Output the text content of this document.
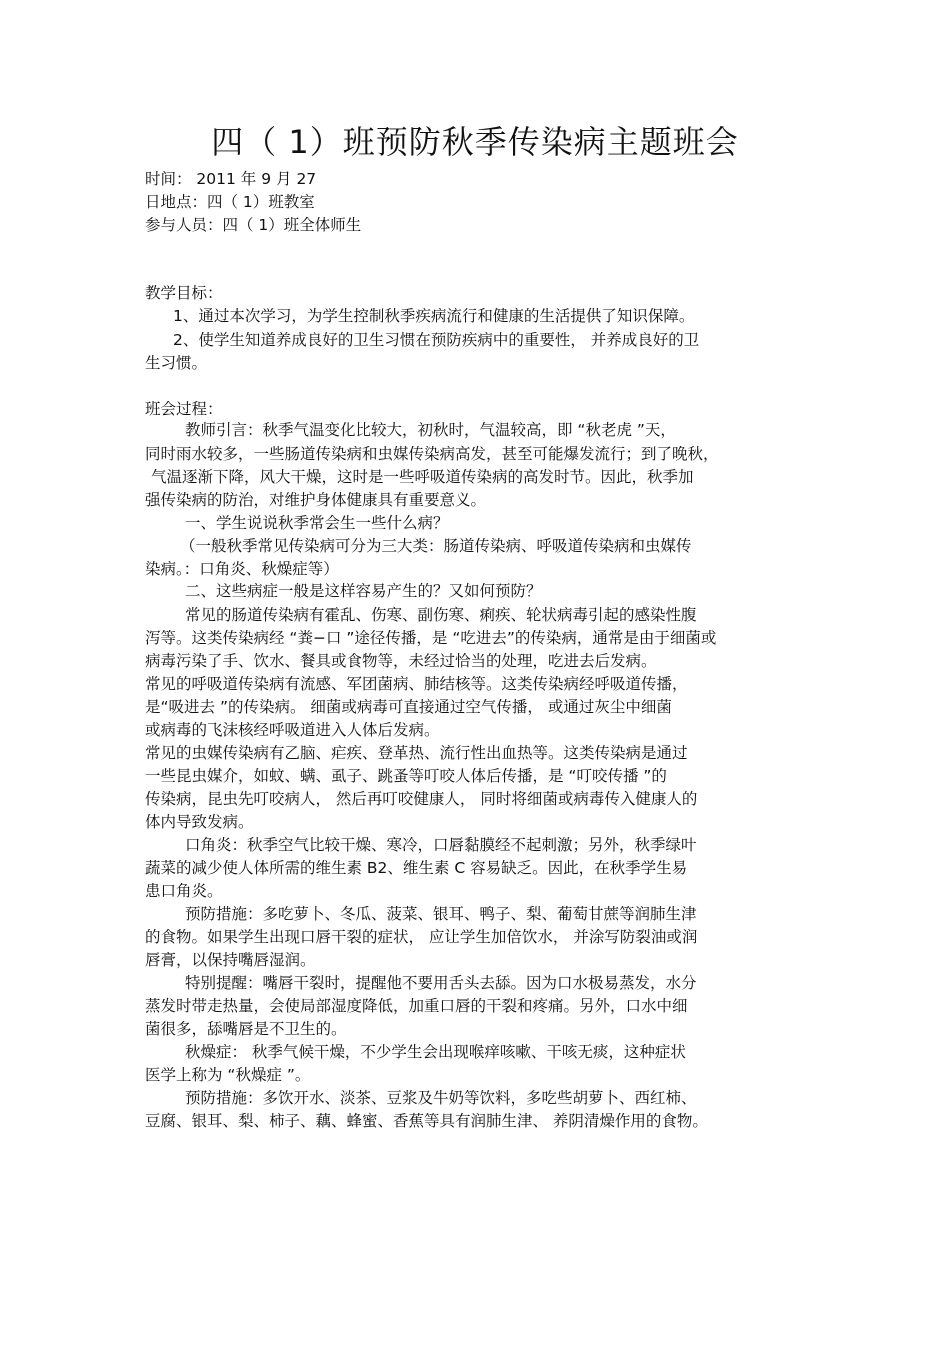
四（ 1）班预防秋季传染病主题班会
时间： 2011 年 9 月 27
日地点：四（ 1）班教室
参与人员：四（ 1）班全体师生
教学目标：
1、通过本次学习，为学生控制秋季疾病流行和健康的生活提供了知识保障。
2、使学生知道养成良好的卫生习惯在预防疾病中的重要性， 并养成良好的卫
生习惯。
班会过程：
教师引言：秋季气温变化比较大，初秋时，气温较高，即 “秋老虎 ”天，
同时雨水较多，一些肠道传染病和虫媒传染病高发，甚至可能爆发流行；到了晚秋，
气温逐渐下降，风大干燥，这时是一些呼吸道传染病的高发时节。因此，秋季加
强传染病的防治，对维护身体健康具有重要意义。
一、学生说说秋季常会生一些什么病？
（一般秋季常见传染病可分为三大类：肠道传染病、呼吸道传染病和虫媒传
染病。：口角炎、秋燥症等）
二、这些病症一般是这样容易产生的？又如何预防？
常见的肠道传染病有霍乱、伤寒、副伤寒、痢疾、轮状病毒引起的感染性腹
泻等。这类传染病经 “粪−口 ”途径传播，是 “吃进去”的传染病，通常是由于细菌或
病毒污染了手、饮水、餐具或食物等，未经过恰当的处理，吃进去后发病。
常见的呼吸道传染病有流感、军团菌病、肺结核等。这类传染病经呼吸道传播，
是“吸进去 ”的传染病。 细菌或病毒可直接通过空气传播， 或通过灰尘中细菌
或病毒的飞沫核经呼吸道进入人体后发病。
常见的虫媒传染病有乙脑、疟疾、登革热、流行性出血热等。这类传染病是通过
一些昆虫媒介，如蚊、螨、虱子、跳蚤等叮咬人体后传播，是 “叮咬传播 ”的
传染病，昆虫先叮咬病人， 然后再叮咬健康人， 同时将细菌或病毒传入健康人的
体内导致发病。
口角炎：秋季空气比较干燥、寒冷，口唇黏膜经不起刺激；另外，秋季绿叶
蔬菜的减少使人体所需的维生素 B2、维生素 C 容易缺乏。因此，在秋季学生易
患口角炎。
预防措施：多吃萝卜、冬瓜、菠菜、银耳、鸭子、梨、葡萄甘蔗等润肺生津
的食物。如果学生出现口唇干裂的症状， 应让学生加倍饮水， 并涂写防裂油或润
唇膏，以保持嘴唇湿润。
特别提醒：嘴唇干裂时，提醒他不要用舌头去舔。因为口水极易蒸发，水分
蒸发时带走热量，会使局部湿度降低，加重口唇的干裂和疼痛。另外，口水中细
菌很多，舔嘴唇是不卫生的。
秋燥症： 秋季气候干燥，不少学生会出现喉痒咳嗽、干咳无痰，这种症状
医学上称为 “秋燥症 ”。
预防措施：多饮开水、淡茶、豆浆及牛奶等饮料，多吃些胡萝卜、西红柿、
豆腐、银耳、梨、柿子、藕、蜂蜜、香蕉等具有润肺生津、 养阴清燥作用的食物。
